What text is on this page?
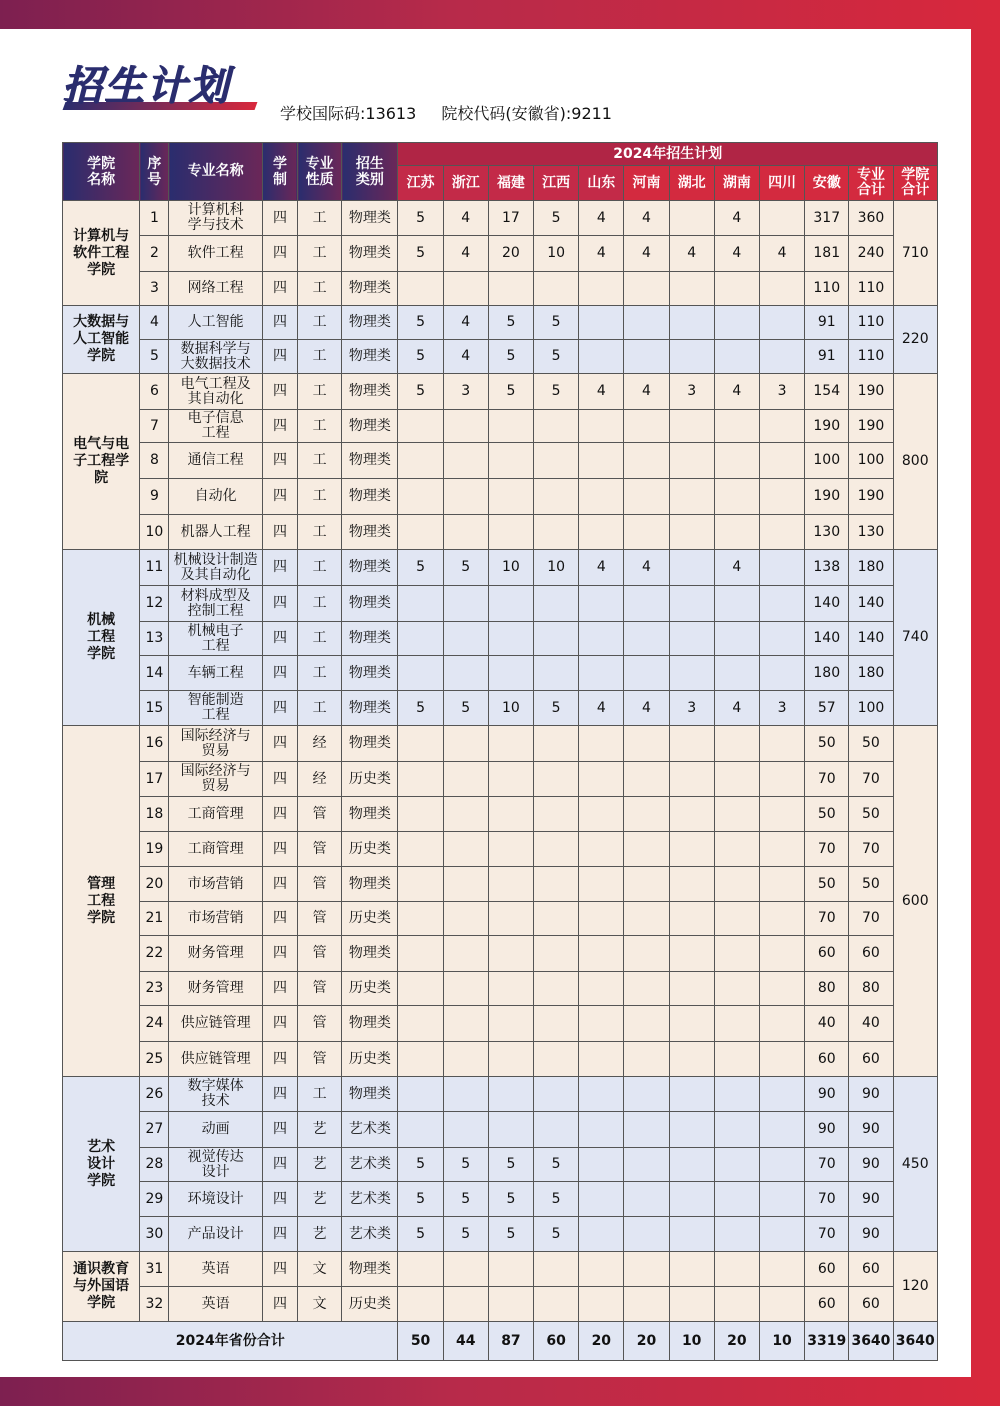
招生计划
学校国际码:13613 院校代码(安徽省):9211
学院名称	序号	专业名称	学制	专业性质	招生类别	2024年招生计划											
						江苏	浙江	福建	江西	山东	河南	湖北	湖南	四川	安徽	专业合计	学院合计
计算机与软件工程学院	1	计算机科学与技术	四	工	物理类	5	4	17	5	4	4		4		317	360	710
	2	软件工程	四	工	物理类	5	4	20	10	4	4	4	4	4	181	240	
	3	网络工程	四	工	物理类										110	110	
大数据与人工智能学院	4	人工智能	四	工	物理类	5	4	5	5						91	110	220
	5	数据科学与大数据技术	四	工	物理类	5	4	5	5						91	110	
电气与电子工程学院	6	电气工程及其自动化	四	工	物理类	5	3	5	5	4	4	3	4	3	154	190	800
	7	电子信息工程	四	工	物理类										190	190	
	8	通信工程	四	工	物理类										100	100	
	9	自动化	四	工	物理类										190	190	
	10	机器人工程	四	工	物理类										130	130	
机械工程学院	11	机械设计制造及其自动化	四	工	物理类	5	5	10	10	4	4		4		138	180	740
	12	材料成型及控制工程	四	工	物理类										140	140	
	13	机械电子工程	四	工	物理类										140	140	
	14	车辆工程	四	工	物理类										180	180	
	15	智能制造工程	四	工	物理类	5	5	10	5	4	4	3	4	3	57	100	
管理工程学院	16	国际经济与贸易	四	经	物理类										50	50	600
	17	国际经济与贸易	四	经	历史类										70	70	
	18	工商管理	四	管	物理类										50	50	
	19	工商管理	四	管	历史类										70	70	
	20	市场营销	四	管	物理类										50	50	
	21	市场营销	四	管	历史类										70	70	
	22	财务管理	四	管	物理类										60	60	
	23	财务管理	四	管	历史类										80	80	
	24	供应链管理	四	管	物理类										40	40	
	25	供应链管理	四	管	历史类										60	60	
艺术设计学院	26	数字媒体技术	四	工	物理类										90	90	450
	27	动画	四	艺	艺术类										90	90	
	28	视觉传达设计	四	艺	艺术类	5	5	5	5						70	90	
	29	环境设计	四	艺	艺术类	5	5	5	5						70	90	
	30	产品设计	四	艺	艺术类	5	5	5	5						70	90	
通识教育与外国语学院	31	英语	四	文	物理类										60	60	120
	32	英语	四	文	历史类										60	60	
2024年省份合计						50	44	87	60	20	20	10	20	10	3319	3640	3640
